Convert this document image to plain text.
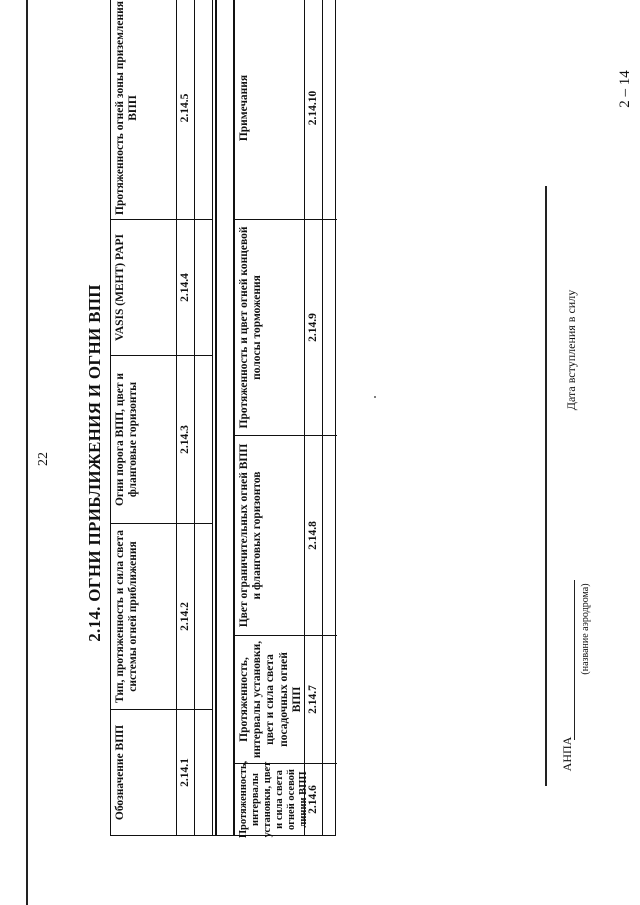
22
2 – 14
2.14. ОГНИ ПРИБЛИЖЕНИЯ И ОГНИ ВПП
Обозначение ВПП
Тип, протяженность и сила света системы огней приближения
Огни порога ВПП, цвет и фланговые горизонты
VASIS (MEHT) PAPI
Протяженность огней зоны приземления ВПП
2.14.1
2.14.2
2.14.3
2.14.4
2.14.5
Протяженность, интервалы установки, цвет и сила света огней осевой линии ВПП
Протяженность, интервалы установки, цвет и сила света посадочных огней ВПП
Цвет ограничительных огней ВПП и фланговых горизонтов
Протяженность и цвет огней концевой полосы торможения
Примечания
2.14.6
2.14.7
2.14.8
2.14.9
2.14.10
АНПА
(название аэродрома)
Дата вступления в силу
